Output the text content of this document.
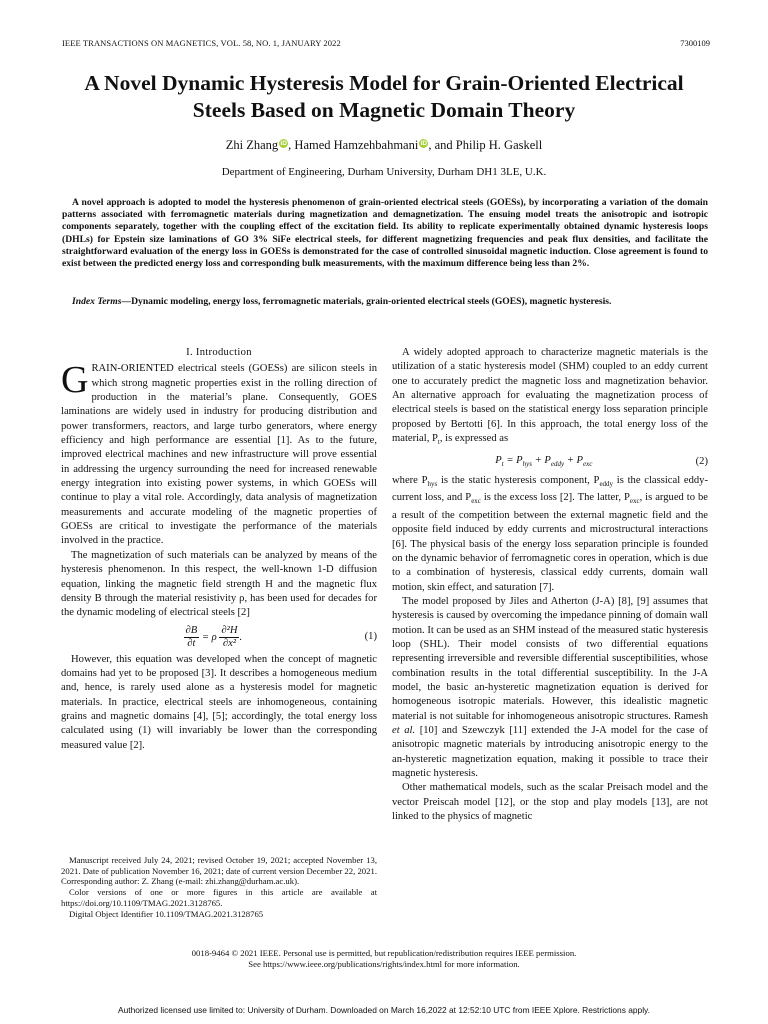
IEEE TRANSACTIONS ON MAGNETICS, VOL. 58, NO. 1, JANUARY 2022	7300109
A Novel Dynamic Hysteresis Model for Grain-Oriented Electrical
Steels Based on Magnetic Domain Theory
Zhi Zhang iD, Hamed Hamzehbahmani iD, and Philip H. Gaskell
Department of Engineering, Durham University, Durham DH1 3LE, U.K.
A novel approach is adopted to model the hysteresis phenomenon of grain-oriented electrical steels (GOESs), by incorporating a variation of the domain patterns associated with ferromagnetic materials during magnetization and demagnetization. The ensuing model treats the anisotropic and isotropic components separately, together with the coupling effect of the excitation field. Its ability to replicate experimentally obtained dynamic hysteresis loops (DHLs) for Epstein size laminations of GO 3% SiFe electrical steels, for different magnetizing frequencies and peak flux densities, and facilitate the straightforward evaluation of the energy loss in GOESs is demonstrated for the case of controlled sinusoidal magnetic induction. Close agreement is found to exist between the predicted energy loss and corresponding bulk measurements, with the maximum difference being less than 2%.
Index Terms—Dynamic modeling, energy loss, ferromagnetic materials, grain-oriented electrical steels (GOES), magnetic hysteresis.
I. Introduction

GRAIN-ORIENTED electrical steels (GOESs) are silicon steels in which strong magnetic properties exist in the rolling direction of production in the material’s plane. Consequently, GOES laminations are widely used in industry for producing distribution and power transformers, reactors, and large turbo generators, where energy efficiency and high performance are essential [1]. As to the future, improved electrical machines and new infrastructure will prove essential in addressing the urgency surrounding the need for increased renewable energy integration into existing power systems, in which GOESs will continue to play a vital role. Accordingly, data analysis of magnetization measurements and accurate modeling of the magnetic properties of GOESs are critical to investigate the performance of the materials involved in the practice.

The magnetization of such materials can be analyzed by means of the hysteresis phenomenon. In this respect, the well-known 1-D diffusion equation, linking the magnetic field strength H and the magnetic flux density B through the material resistivity ρ, has been used for decades for the dynamic modeling of electrical steels [2]

$\frac{\partial B}{\partial t} = \rho \frac{\text{∂²H}}{\text{∂x²}}$ .	(1)

However, this equation was developed when the concept of magnetic domains had yet to be proposed [3]. It describes a homogeneous medium and, hence, is rarely used alone as a hysteresis model for magnetic materials. In practice, electrical steels are inhomogeneous, containing grains and magnetic domains [4], [5]; accordingly, the total energy loss calculated using (1) will invariably be lower than the corresponding measured value [2].

Manuscript received July 24, 2021; revised October 19, 2021; accepted November 13, 2021. Date of publication November 16, 2021; date of current version December 22, 2021. Corresponding author: Z. Zhang (e-mail: zhi.zhang@durham.ac.uk).

Color versions of one or more figures in this article are available at https://doi.org/10.1109/TMAG.2021.3128765.

Digital Object Identifier 10.1109/TMAG.2021.3128765

A widely adopted approach to characterize magnetic materials is the utilization of a static hysteresis model (SHM) coupled to an eddy current one to accurately predict the magnetic loss and magnetization behavior. An alternative approach for evaluating the magnetization process of electrical steels is based on the statistical energy loss separation principle proposed by Bertotti [6]. In this approach, the total energy loss of the material, $P_t$, is expressed as

$P_t = P_{hys} + P_{eddy} + P_{exc}$	(2)

where $P_{hys}$ is the static hysteresis component, $P_{eddy}$ is the classical eddy-current loss, and $P_{exc}$ is the excess loss [2]. The latter, $P_{exc}$, is argued to be a result of the competition between the external magnetic field and the opposite field induced by eddy currents and microstructural interactions [6]. The physical basis of the energy loss separation principle is founded on the dynamic behavior of ferromagnetic cores in operation, which is due to a combination of hysteresis, classical eddy currents, domain wall motion, skin effect, and saturation [7].

The model proposed by Jiles and Atherton (J-A) [8], [9] assumes that hysteresis is caused by overcoming the impedance pinning of domain wall motion. It can be used as an SHM instead of the measured static hysteresis loop (SHL). Their model consists of two differential equations representing irreversible and reversible differential susceptibilities, whose combination results in the total differential susceptibility. In the J-A model, the basic an-hysteretic magnetization equation is derived for homogeneous isotropic materials. However, this idealistic magnetic material is not suitable for inhomogeneous anisotropic structures. Ramesh et al. [10] and Szewczyk [11] extended the J-A model for the case of anisotropic magnetic materials by introducing anisotropic energy to the an-hysteretic magnetization equation, making it possible to trace their magnetic hysteresis.

Other mathematical models, such as the scalar Preisach model and the vector Preiscah model [12], or the stop and play models [13], are not linked to the physics of magnetic

0018-9464 © 2021 IEEE. Personal use is permitted, but republication/redistribution requires IEEE permission.
See https://www.ieee.org/publications/rights/index.html for more information.
Authorized licensed use limited to: University of Durham. Downloaded on March 16,2022 at 12:52:10 UTC from IEEE Xplore. Restrictions apply.
